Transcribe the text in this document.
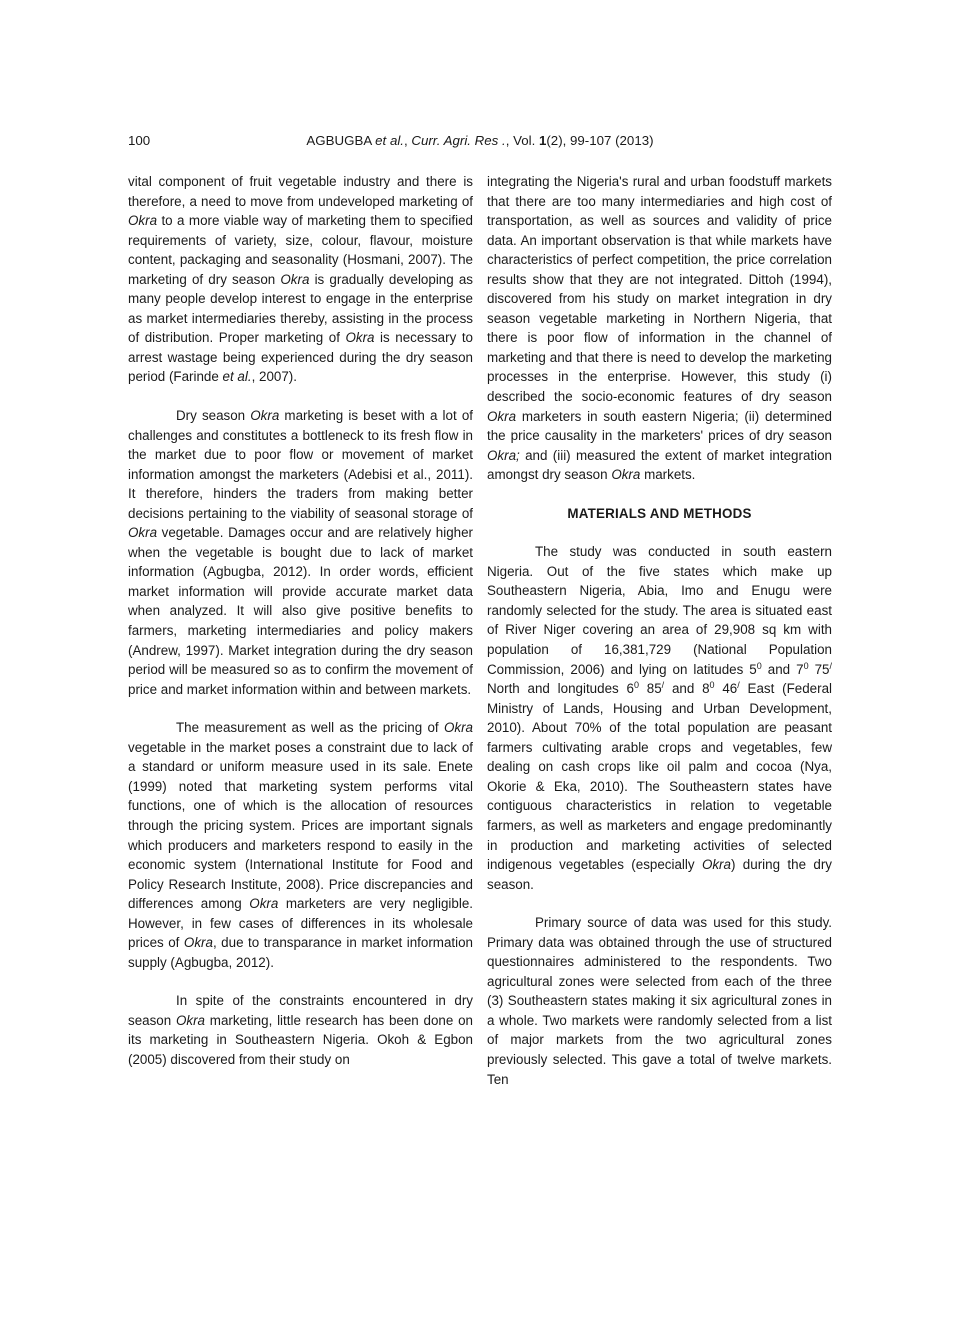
100	AGBUGBA et al., Curr. Agri. Res ., Vol. 1(2), 99-107 (2013)

vital component of fruit vegetable industry and there is therefore, a need to move from undeveloped marketing of Okra to a more viable way of marketing them to specified requirements of variety, size, colour, flavour, moisture content, packaging and seasonality (Hosmani, 2007). The marketing of dry season Okra is gradually developing as many people develop interest to engage in the enterprise as market intermediaries thereby, assisting in the process of distribution. Proper marketing of Okra is necessary to arrest wastage being experienced during the dry season period (Farinde et al., 2007).

Dry season Okra marketing is beset with a lot of challenges and constitutes a bottleneck to its fresh flow in the market due to poor flow or movement of market information amongst the marketers (Adebisi et al., 2011). It therefore, hinders the traders from making better decisions pertaining to the viability of seasonal storage of Okra vegetable. Damages occur and are relatively higher when the vegetable is bought due to lack of market information (Agbugba, 2012). In order words, efficient market information will provide accurate market data when analyzed. It will also give positive benefits to farmers, marketing intermediaries and policy makers (Andrew, 1997). Market integration during the dry season period will be measured so as to confirm the movement of price and market information within and between markets.

The measurement as well as the pricing of Okra vegetable in the market poses a constraint due to lack of a standard or uniform measure used in its sale. Enete (1999) noted that marketing system performs vital functions, one of which is the allocation of resources through the pricing system. Prices are important signals which producers and marketers respond to easily in the economic system (International Institute for Food and Policy Research Institute, 2008). Price discrepancies and differences among Okra marketers are very negligible. However, in few cases of differences in its wholesale prices of Okra, due to transparance in market information supply (Agbugba, 2012).

In spite of the constraints encountered in dry season Okra marketing, little research has been done on its marketing in Southeastern Nigeria. Okoh & Egbon (2005) discovered from their study on

integrating the Nigeria's rural and urban foodstuff markets that there are too many intermediaries and high cost of transportation, as well as sources and validity of price data. An important observation is that while markets have characteristics of perfect competition, the price correlation results show that they are not integrated. Dittoh (1994), discovered from his study on market integration in dry season vegetable marketing in Northern Nigeria, that there is poor flow of information in the channel of marketing and that there is need to develop the marketing processes in the enterprise. However, this study (i) described the socio-economic features of dry season Okra marketers in south eastern Nigeria; (ii) determined the price causality in the marketers' prices of dry season Okra; and (iii) measured the extent of market integration amongst dry season Okra markets.

MATERIALS AND METHODS

The study was conducted in south eastern Nigeria. Out of the five states which make up Southeastern Nigeria, Abia, Imo and Enugu were randomly selected for the study. The area is situated east of River Niger covering an area of 29,908 sq km with population of 16,381,729 (National Population Commission, 2006) and lying on latitudes $5^0$ and $7^0$ 75/ North and longitudes $6^0$ 85/ and $8^0$ 46/ East (Federal Ministry of Lands, Housing and Urban Development, 2010). About 70% of the total population are peasant farmers cultivating arable crops and vegetables, few dealing on cash crops like oil palm and cocoa (Nya, Okorie & Eka, 2010). The Southeastern states have contiguous characteristics in relation to vegetable farmers, as well as marketers and engage predominantly in production and marketing activities of selected indigenous vegetables (especially Okra) during the dry season.

Primary source of data was used for this study. Primary data was obtained through the use of structured questionnaires administered to the respondents. Two agricultural zones were selected from each of the three (3) Southeastern states making it six agricultural zones in a whole. Two markets were randomly selected from a list of major markets from the two agricultural zones previously selected. This gave a total of twelve markets. Ten
